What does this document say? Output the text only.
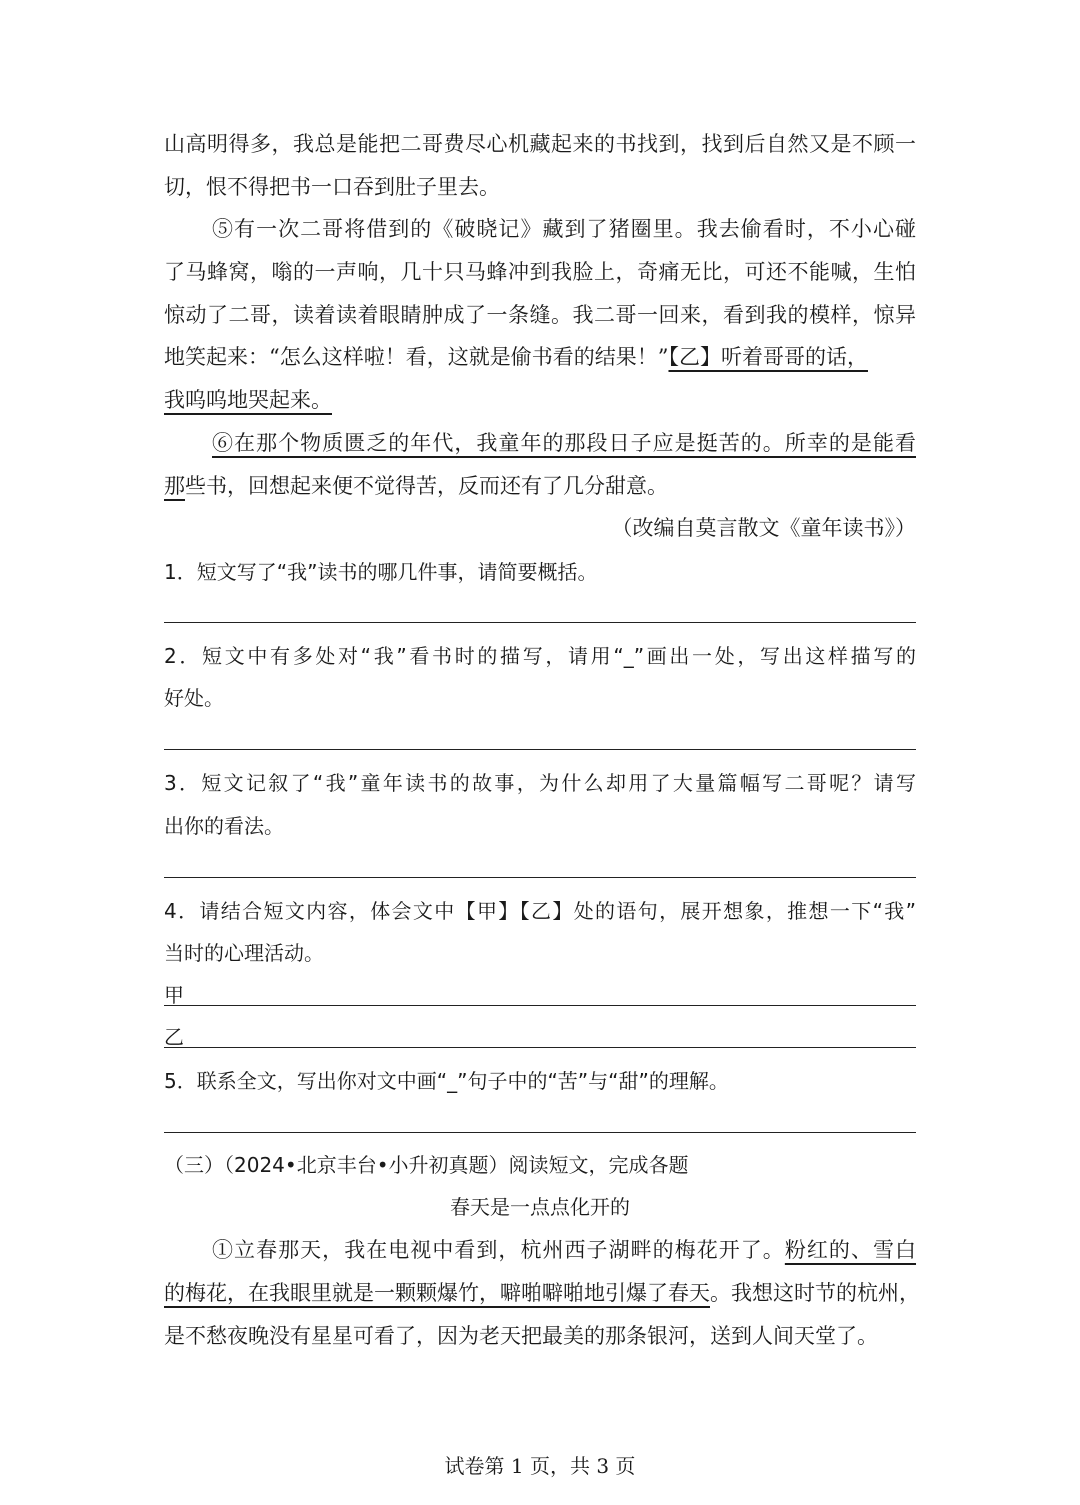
山高明得多，我总是能把二哥费尽心机藏起来的书找到，找到后自然又是不顾一
切，恨不得把书一口吞到肚子里去。
⑤有一次二哥将借到的《破晓记》藏到了猪圈里。我去偷看时，不小心碰
了马蜂窝，嗡的一声响，几十只马蜂冲到我脸上，奇痛无比，可还不能喊，生怕
惊动了二哥，读着读着眼睛肿成了一条缝。我二哥一回来，看到我的模样，惊异
地笑起来：“怎么这样啦！看，这就是偷书看的结果！”【乙】听着哥哥的话，
我呜呜地哭起来。
⑥在那个物质匮乏的年代，我童年的那段日子应是挺苦的。所幸的是能看
那些书，回想起来便不觉得苦，反而还有了几分甜意。
（改编自莫言散文《童年读书》）
1．短文写了“我”读书的哪几件事，请简要概括。
2．短文中有多处对“我”看书时的描写，请用“_”画出一处，写出这样描写的
好处。
3．短文记叙了“我”童年读书的故事，为什么却用了大量篇幅写二哥呢？请写
出你的看法。
4．请结合短文内容，体会文中【甲】【乙】处的语句，展开想象，推想一下“我”
当时的心理活动。
甲
乙
5．联系全文，写出你对文中画“_”句子中的“苦”与“甜”的理解。
（三）（2024•北京丰台•小升初真题）阅读短文，完成各题
春天是一点点化开的
①立春那天，我在电视中看到，杭州西子湖畔的梅花开了。粉红的、雪白
的梅花，在我眼里就是一颗颗爆竹，噼啪噼啪地引爆了春天。我想这时节的杭州，
是不愁夜晚没有星星可看了，因为老天把最美的那条银河，送到人间天堂了。
试卷第 1 页，共 3 页
